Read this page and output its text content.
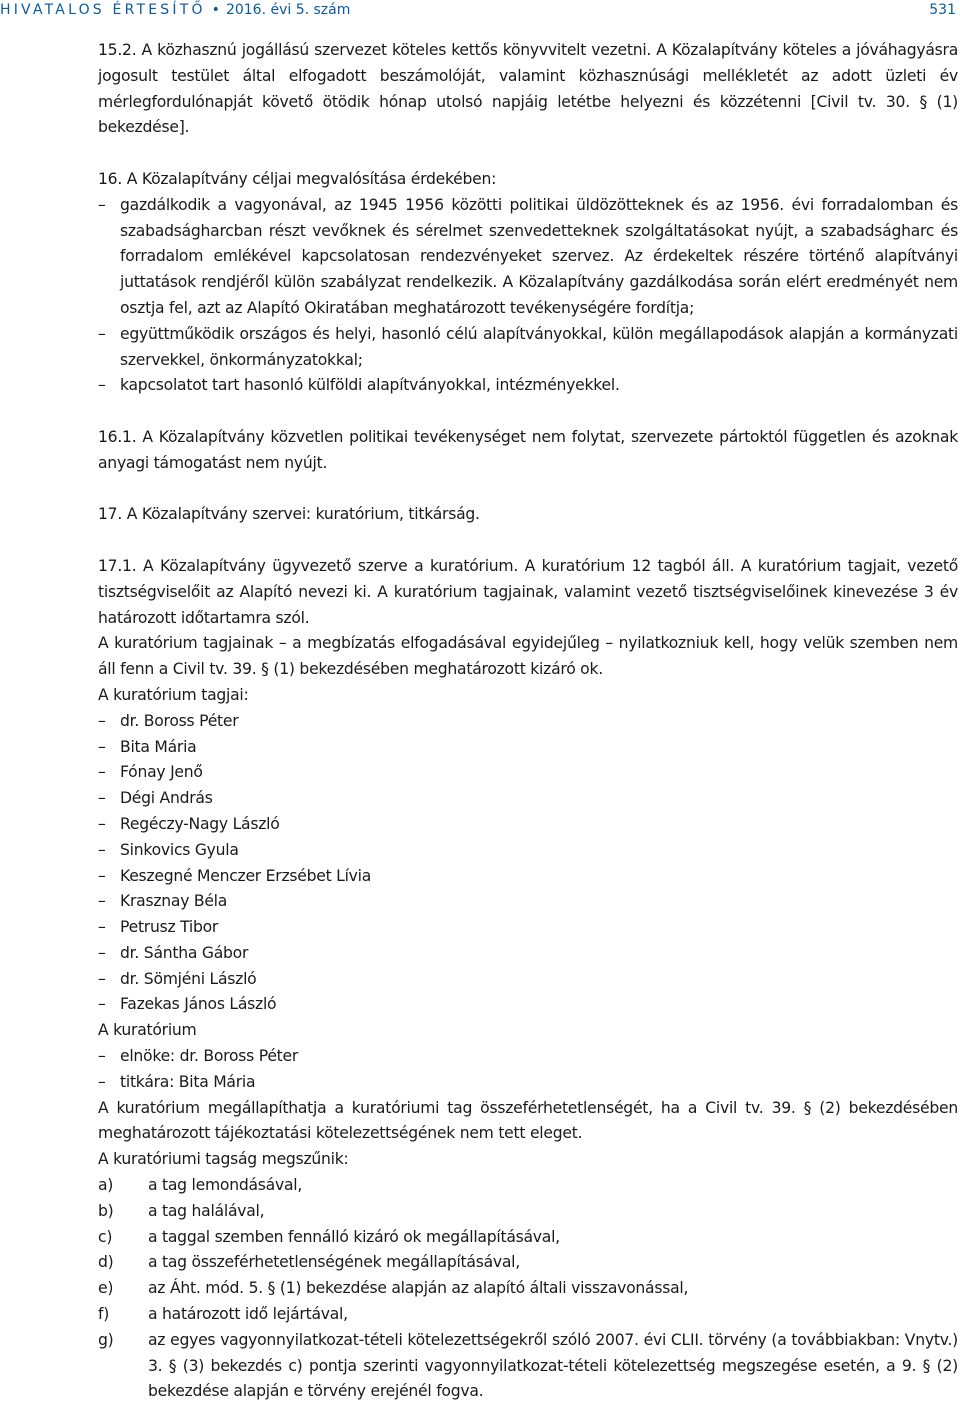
HIVATALOS ÉRTESÍTŐ • 2016. évi 5. szám	531

15.2. A közhasznú jogállású szervezet köteles kettős könyvvitelt vezetni. A Közalapítvány köteles a jóváhagyásra jogosult testület által elfogadott beszámolóját, valamint közhasznúsági mellékletét az adott üzleti év mérlegfordulónapját követő ötödik hónap utolsó napjáig letétbe helyezni és közzétenni [Civil tv. 30. § (1) bekezdése].

16. A Közalapítvány céljai megvalósítása érdekében:

– gazdálkodik a vagyonával, az 1945 1956 közötti politikai üldözötteknek és az 1956. évi forradalomban és szabadságharcban részt vevőknek és sérelmet szenvedetteknek szolgáltatásokat nyújt, a szabadságharc és forradalom emlékével kapcsolatosan rendezvényeket szervez. Az érdekeltek részére történő alapítványi juttatások rendjéről külön szabályzat rendelkezik. A Közalapítvány gazdálkodása során elért eredményét nem osztja fel, azt az Alapító Okiratában meghatározott tevékenységére fordítja;

– együttműködik országos és helyi, hasonló célú alapítványokkal, külön megállapodások alapján a kormányzati szervekkel, önkormányzatokkal;

– kapcsolatot tart hasonló külföldi alapítványokkal, intézményekkel.

16.1. A Közalapítvány közvetlen politikai tevékenységet nem folytat, szervezete pártoktól független és azoknak anyagi támogatást nem nyújt.

17. A Közalapítvány szervei: kuratórium, titkárság.

17.1. A Közalapítvány ügyvezető szerve a kuratórium. A kuratórium 12 tagból áll. A kuratórium tagjait, vezető tisztségviselőit az Alapító nevezi ki. A kuratórium tagjainak, valamint vezető tisztségviselőinek kinevezése 3 év határozott időtartamra szól.

A kuratórium tagjainak – a megbízatás elfogadásával egyidejűleg – nyilatkozniuk kell, hogy velük szemben nem áll fenn a Civil tv. 39. § (1) bekezdésében meghatározott kizáró ok.

A kuratórium tagjai:

– dr. Boross Péter

– Bita Mária

– Fónay Jenő

– Dégi András

– Regéczy-Nagy László

– Sinkovics Gyula

– Keszegné Menczer Erzsébet Lívia

– Krasznay Béla

– Petrusz Tibor

– dr. Sántha Gábor

– dr. Sömjéni László

– Fazekas János László

A kuratórium

– elnöke: dr. Boross Péter

– titkára: Bita Mária

A kuratórium megállapíthatja a kuratóriumi tag összeférhetetlenségét, ha a Civil tv. 39. § (2) bekezdésében meghatározott tájékoztatási kötelezettségének nem tett eleget.

A kuratóriumi tagság megszűnik:

a)	a tag lemondásával,
b)	a tag halálával,
c)	a taggal szemben fennálló kizáró ok megállapításával,
d)	a tag összeférhetetlenségének megállapításával,
e)	az Áht. mód. 5. § (1) bekezdése alapján az alapító általi visszavonással,
f)	a határozott idő lejártával,
g)	az egyes vagyonnyilatkozat-tételi kötelezettségekről szóló 2007. évi CLII. törvény (a továbbiakban: Vnytv.) 3. § (3) bekezdés c) pontja szerinti vagyonnyilatkozat-tételi kötelezettség megszegése esetén, a 9. § (2) bekezdése alapján e törvény erejénél fogva.
